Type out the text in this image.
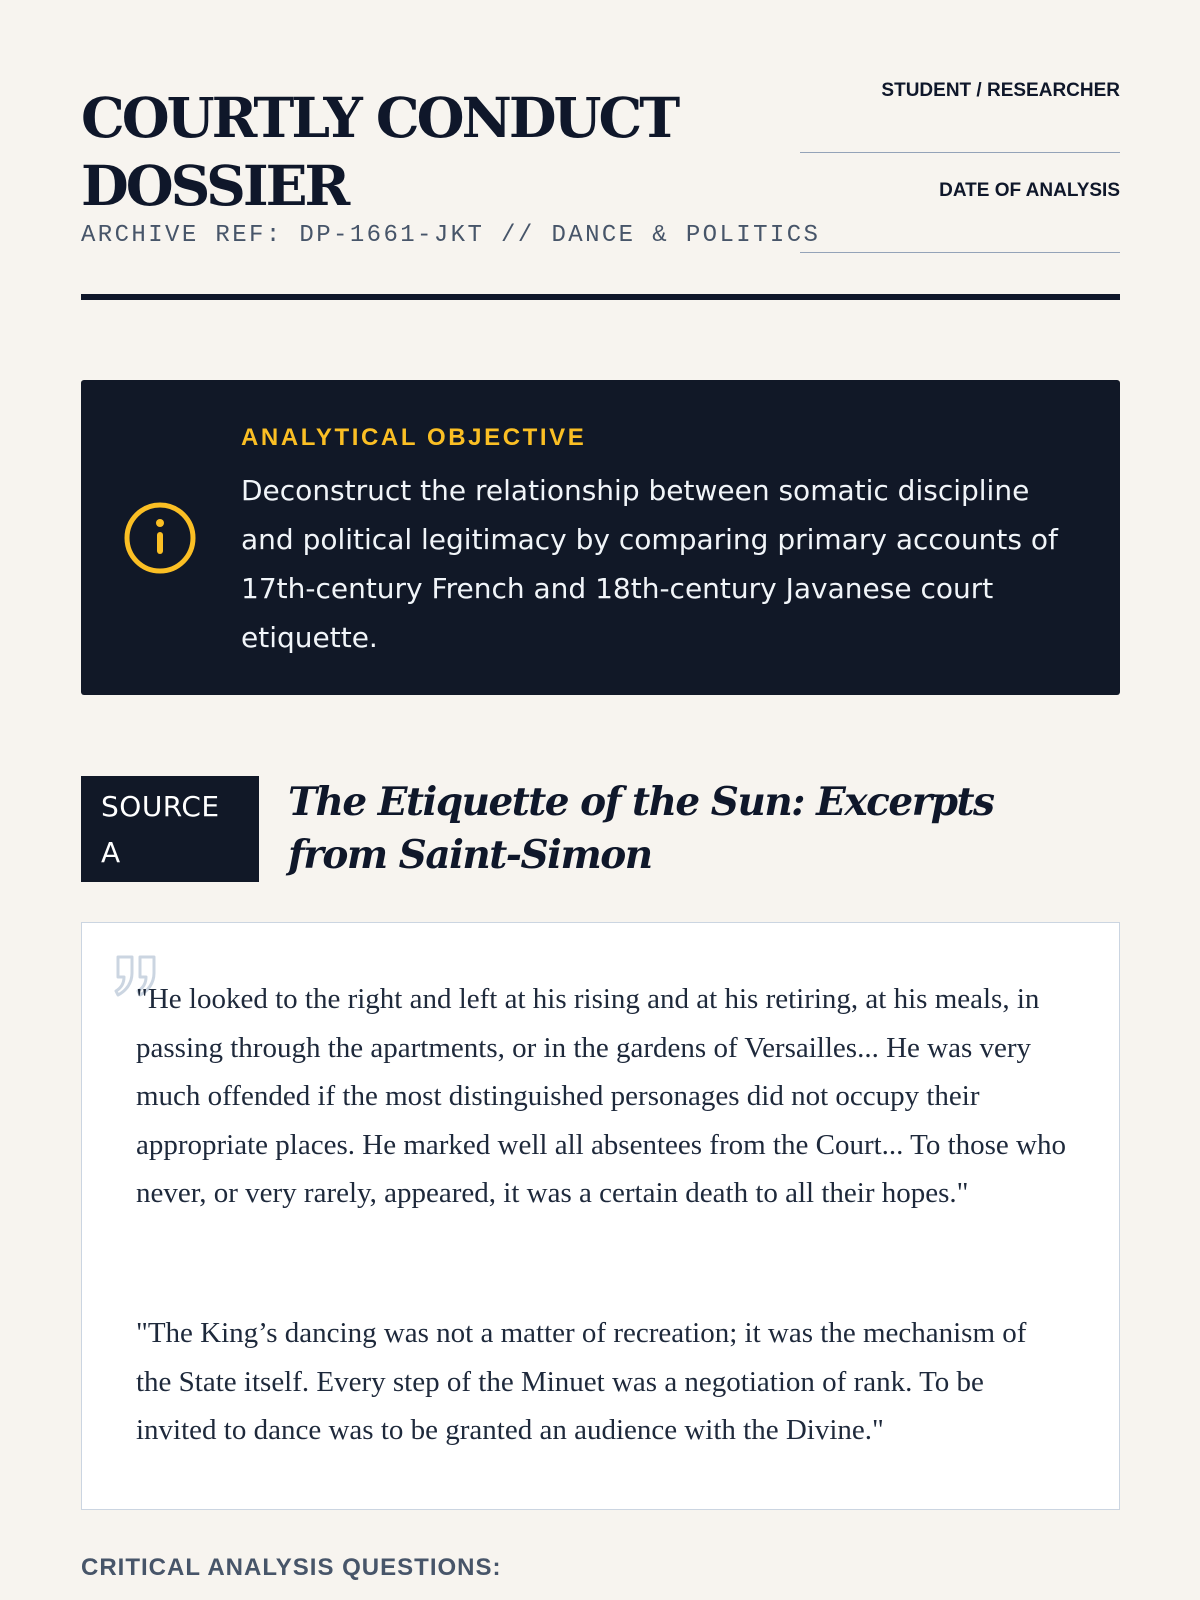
COURTLY CONDUCT
DOSSIER
ARCHIVE REF: DP-1661-JKT // DANCE & POLITICS
STUDENT / RESEARCHER
DATE OF ANALYSIS
ANALYTICAL OBJECTIVE

Deconstruct the relationship between somatic discipline and political legitimacy by comparing primary accounts of 17th-century French and 18th-century Javanese court etiquette.

SOURCE
A
The Etiquette of the Sun: Excerpts from Saint-Simon

"He looked to the right and left at his rising and at his retiring, at his meals, in passing through the apartments, or in the gardens of Versailles... He was very much offended if the most distinguished personages did not occupy their appropriate places. He marked well all absentees from the Court... To those who never, or very rarely, appeared, it was a certain death to all their hopes."

"The King’s dancing was not a matter of recreation; it was the mechanism of the State itself. Every step of the Minuet was a negotiation of rank. To be invited to dance was to be granted an audience with the Divine."

CRITICAL ANALYSIS QUESTIONS:
